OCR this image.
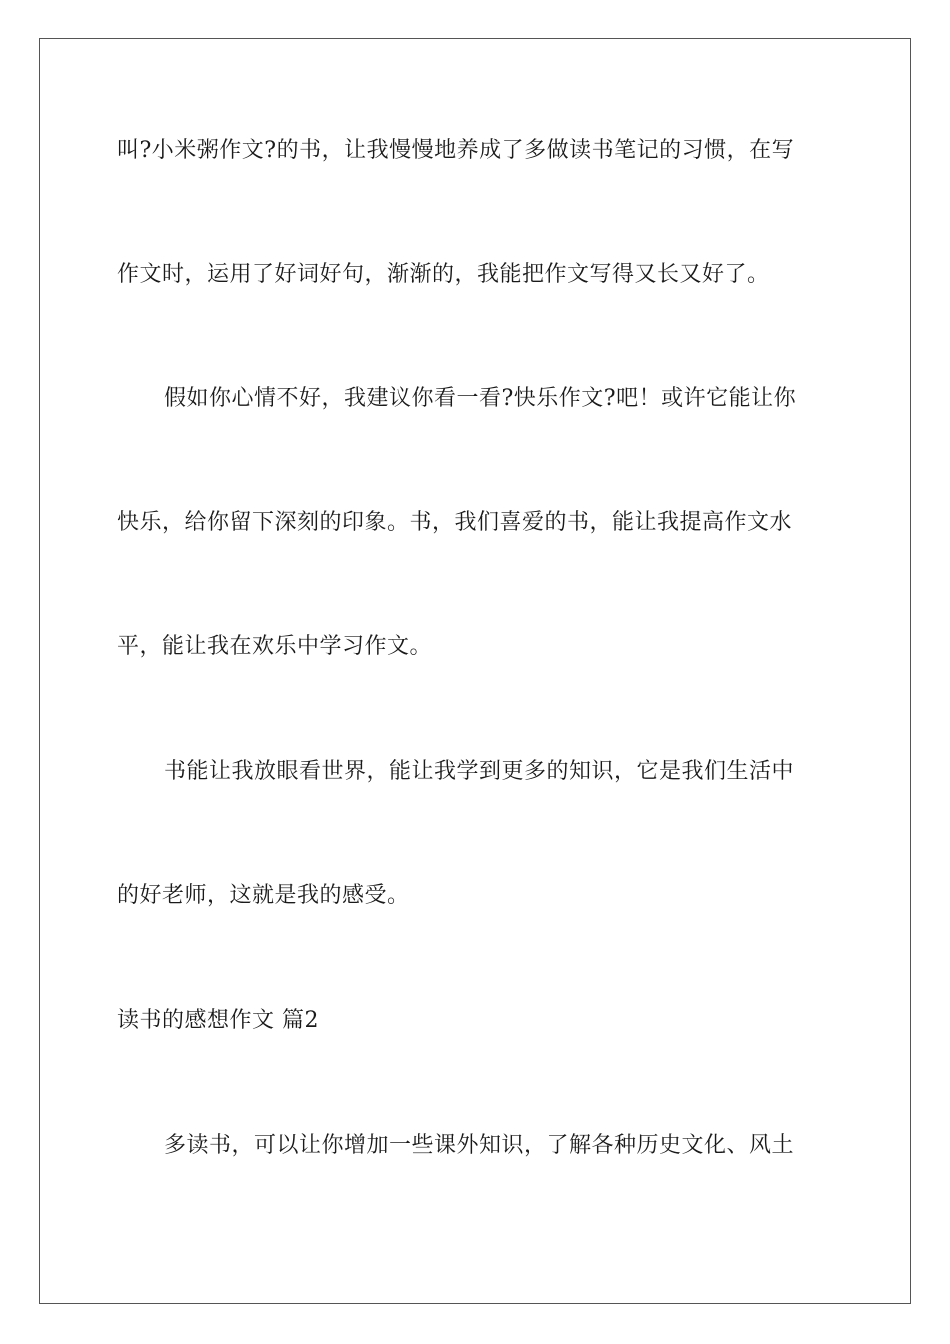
叫?小米粥作文?的书，让我慢慢地养成了多做读书笔记的习惯，在写
作文时，运用了好词好句，渐渐的，我能把作文写得又长又好了。
假如你心情不好，我建议你看一看?快乐作文?吧！或许它能让你
快乐，给你留下深刻的印象。书，我们喜爱的书，能让我提高作文水
平，能让我在欢乐中学习作文。
书能让我放眼看世界，能让我学到更多的知识，它是我们生活中
的好老师，这就是我的感受。
读书的感想作文 篇2
多读书，可以让你增加一些课外知识，了解各种历史文化、风土
